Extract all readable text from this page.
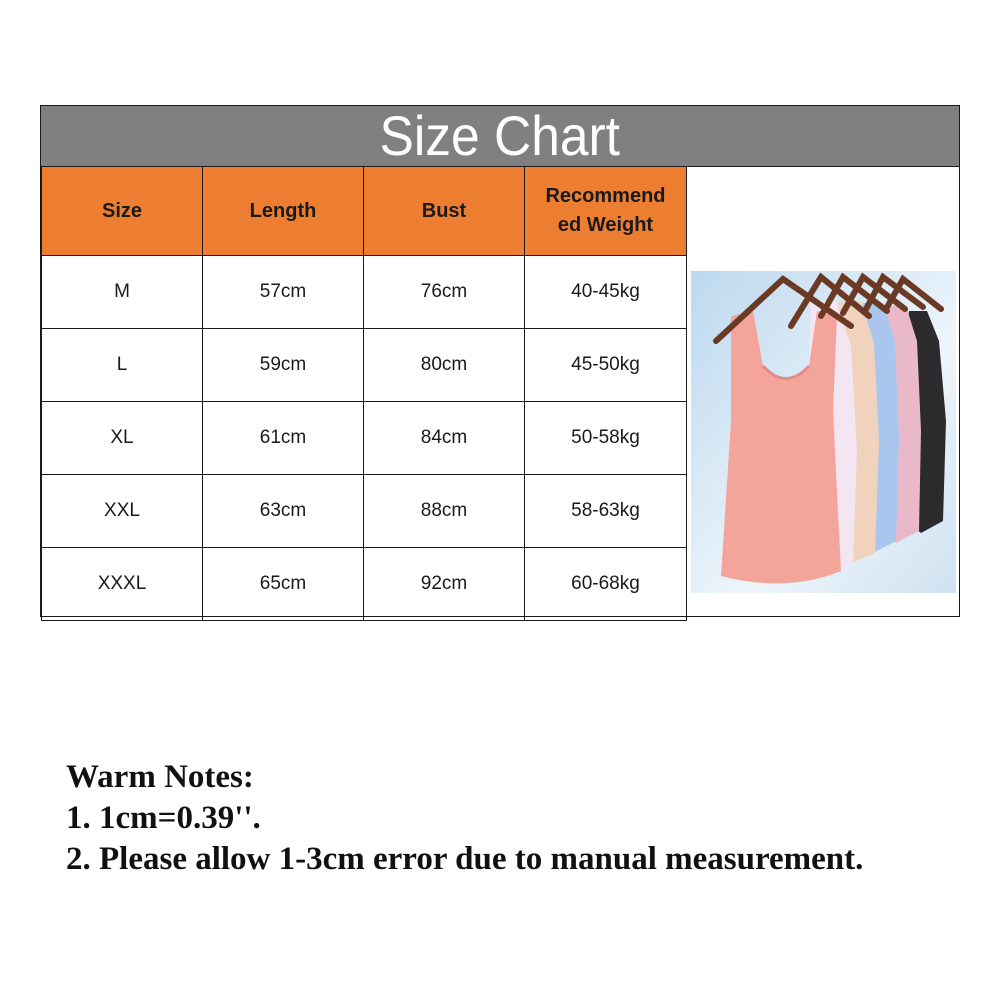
Size Chart
Size	Length	Bust	Recommend
ed Weight
M	57cm	76cm	40-45kg
L	59cm	80cm	45-50kg
XL	61cm	84cm	50-58kg
XXL	63cm	88cm	58-63kg
XXXL	65cm	92cm	60-68kg
Warm Notes:
1. 1cm=0.39''.
2. Please allow 1-3cm error due to manual measurement.
